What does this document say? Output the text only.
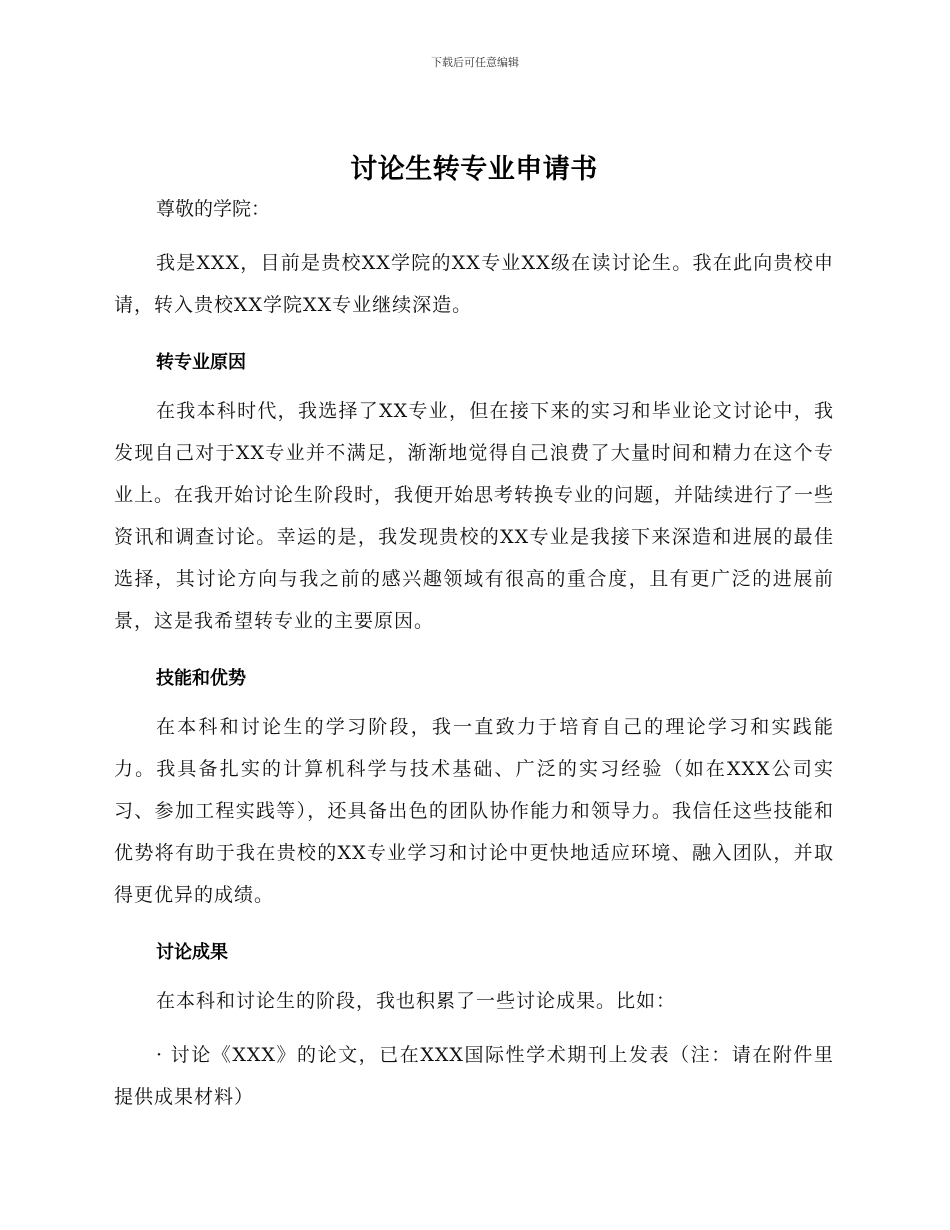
下载后可任意编辑
讨论生转专业申请书

尊敬的学院：

我是XXX，目前是贵校XX学院的XX专业XX级在读讨论生。我在此向贵校申请，转入贵校XX学院XX专业继续深造。

转专业原因

在我本科时代，我选择了XX专业，但在接下来的实习和毕业论文讨论中，我发现自己对于XX专业并不满足，渐渐地觉得自己浪费了大量时间和精力在这个专业上。在我开始讨论生阶段时，我便开始思考转换专业的问题，并陆续进行了一些资讯和调查讨论。幸运的是，我发现贵校的XX专业是我接下来深造和进展的最佳选择，其讨论方向与我之前的感兴趣领域有很高的重合度，且有更广泛的进展前景，这是我希望转专业的主要原因。

技能和优势

在本科和讨论生的学习阶段，我一直致力于培育自己的理论学习和实践能力。我具备扎实的计算机科学与技术基础、广泛的实习经验（如在XXX公司实习、参加工程实践等），还具备出色的团队协作能力和领导力。我信任这些技能和优势将有助于我在贵校的XX专业学习和讨论中更快地适应环境、融入团队，并取得更优异的成绩。

讨论成果

在本科和讨论生的阶段，我也积累了一些讨论成果。比如：

· 讨论《XXX》的论文，已在XXX国际性学术期刊上发表（注：请在附件里提供成果材料）
